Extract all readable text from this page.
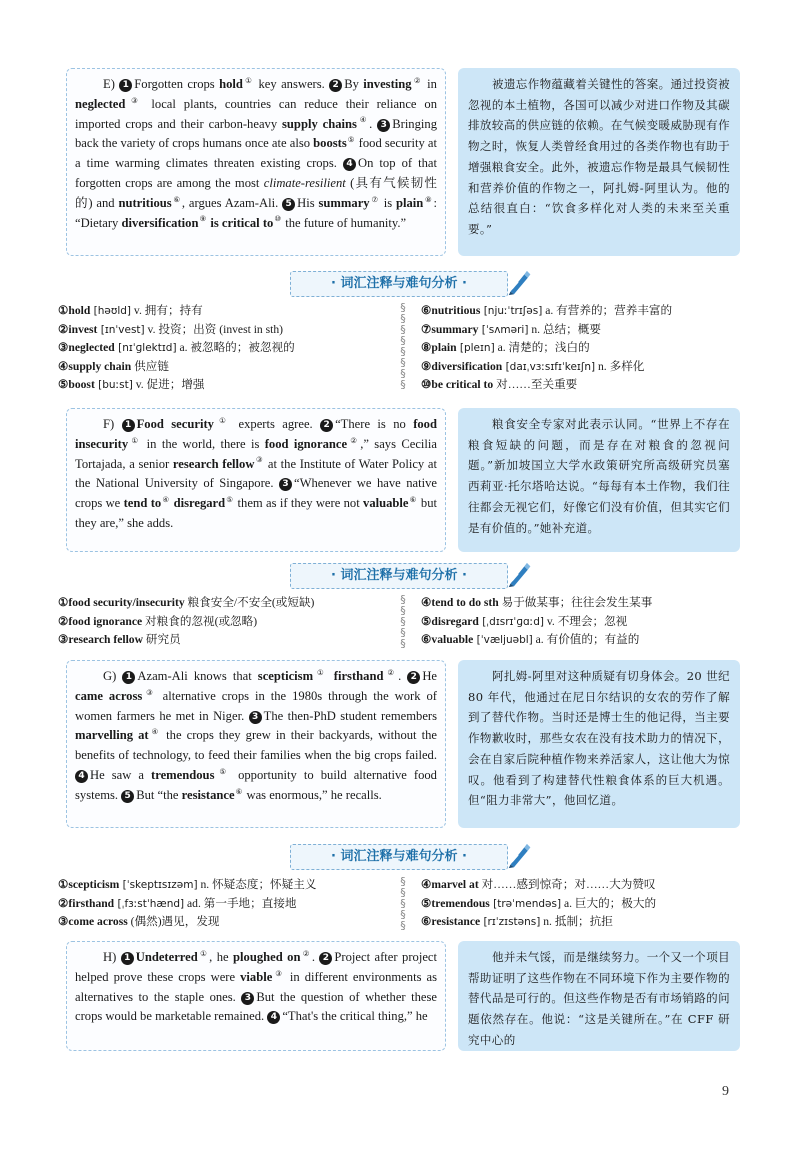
E) 1 Forgotten crops hold① key answers. 2 By investing② in neglected③ local plants, countries can reduce their reliance on imported crops and their carbon-heavy supply chains④. 3 Bringing back the variety of crops humans once ate also boosts⑤ food security at a time warming climates threaten existing crops. 4 On top of that forgotten crops are among the most climate-resilient (具有气候韧性的) and nutritious⑥, argues Azam-Ali. 5 His summary⑦ is plain⑧: “Dietary diversification⑨ is critical to⑩ the future of humanity.”
被遗忘作物蕴藏着关键性的答案。通过投资被忽视的本土植物，各国可以减少对进口作物及其碳排放较高的供应链的依赖。在气候变暖威胁现有作物之时，恢复人类曾经食用过的各类作物也有助于增强粮食安全。此外，被遗忘作物是最具气候韧性和营养价值的作物之一，阿扎姆-阿里认为。他的总结很直白：“饮食多样化对人类的未来至关重要。”
· 词汇注释与难句分析 ·
①hold [həʊld] v. 拥有；持有
②invest [ɪnˈvest] v. 投资；出资 (invest in sth)
③neglected [nɪˈɡlektɪd] a. 被忽略的；被忽视的
④supply chain 供应链
⑤boost [buːst] v. 促进；增强
§
§
§
§
§
§
§
§
⑥nutritious [njuːˈtrɪʃəs] a. 有营养的；营养丰富的
⑦summary [ˈsʌməri] n. 总结；概要
⑧plain [pleɪn] a. 清楚的；浅白的
⑨diversification [daɪˌvɜːsɪfɪˈkeɪʃn] n. 多样化
⑩be critical to 对……至关重要
F) 1 Food security① experts agree. 2 “There is no food insecurity① in the world, there is food ignorance②,” says Cecilia Tortajada, a senior research fellow③ at the Institute of Water Policy at the National University of Singapore. 3 “Whenever we have native crops we tend to④ disregard⑤ them as if they were not valuable⑥ but they are,” she adds.
粮食安全专家对此表示认同。“世界上不存在粮食短缺的问题，而是存在对粮食的忽视问题。”新加坡国立大学水政策研究所高级研究员塞西莉亚·托尔塔哈达说。“每每有本土作物，我们往往都会无视它们，好像它们没有价值，但其实它们是有价值的。”她补充道。
· 词汇注释与难句分析 ·
①food security/insecurity 粮食安全/不安全(或短缺)
②food ignorance 对粮食的忽视(或忽略)
③research fellow 研究员
§
§
§
§
§
④tend to do sth 易于做某事；往往会发生某事
⑤disregard [ˌdɪsrɪˈɡɑːd] v. 不理会；忽视
⑥valuable [ˈvæljuəbl] a. 有价值的；有益的
G) 1 Azam-Ali knows that scepticism① firsthand②. 2 He came across③ alternative crops in the 1980s through the work of women farmers he met in Niger. 3 The then-PhD student remembers marvelling at④ the crops they grew in their backyards, without the benefits of technology, to feed their families when the big crops failed. 4 He saw a tremendous⑤ opportunity to build alternative food systems. 5 But “the resistance⑥ was enormous,” he recalls.
阿扎姆-阿里对这种质疑有切身体会。20 世纪 80 年代，他通过在尼日尔结识的女农的劳作了解到了替代作物。当时还是博士生的他记得，当主要作物歉收时，那些女农在没有技术助力的情况下，会在自家后院种植作物来养活家人，这让他大为惊叹。他看到了构建替代性粮食体系的巨大机遇。但“阻力非常大”，他回忆道。
· 词汇注释与难句分析 ·
①scepticism [ˈskeptɪsɪzəm] n. 怀疑态度；怀疑主义
②firsthand [ˌfɜːstˈhænd] ad. 第一手地；直接地
③come across (偶然)遇见，发现
§
§
§
§
§
④marvel at 对……感到惊奇；对……大为赞叹
⑤tremendous [trəˈmendəs] a. 巨大的；极大的
⑥resistance [rɪˈzɪstəns] n. 抵制；抗拒
H) 1 Undeterred①, he ploughed on②. 2 Project after project helped prove these crops were viable③ in different environments as alternatives to the staple ones. 3 But the question of whether these crops would be marketable remained. 4 “That's the critical thing,” he
他并未气馁，而是继续努力。一个又一个项目帮助证明了这些作物在不同环境下作为主要作物的替代品是可行的。但这些作物是否有市场销路的问题依然存在。他说：“这是关键所在。”在 CFF 研究中心的
9
